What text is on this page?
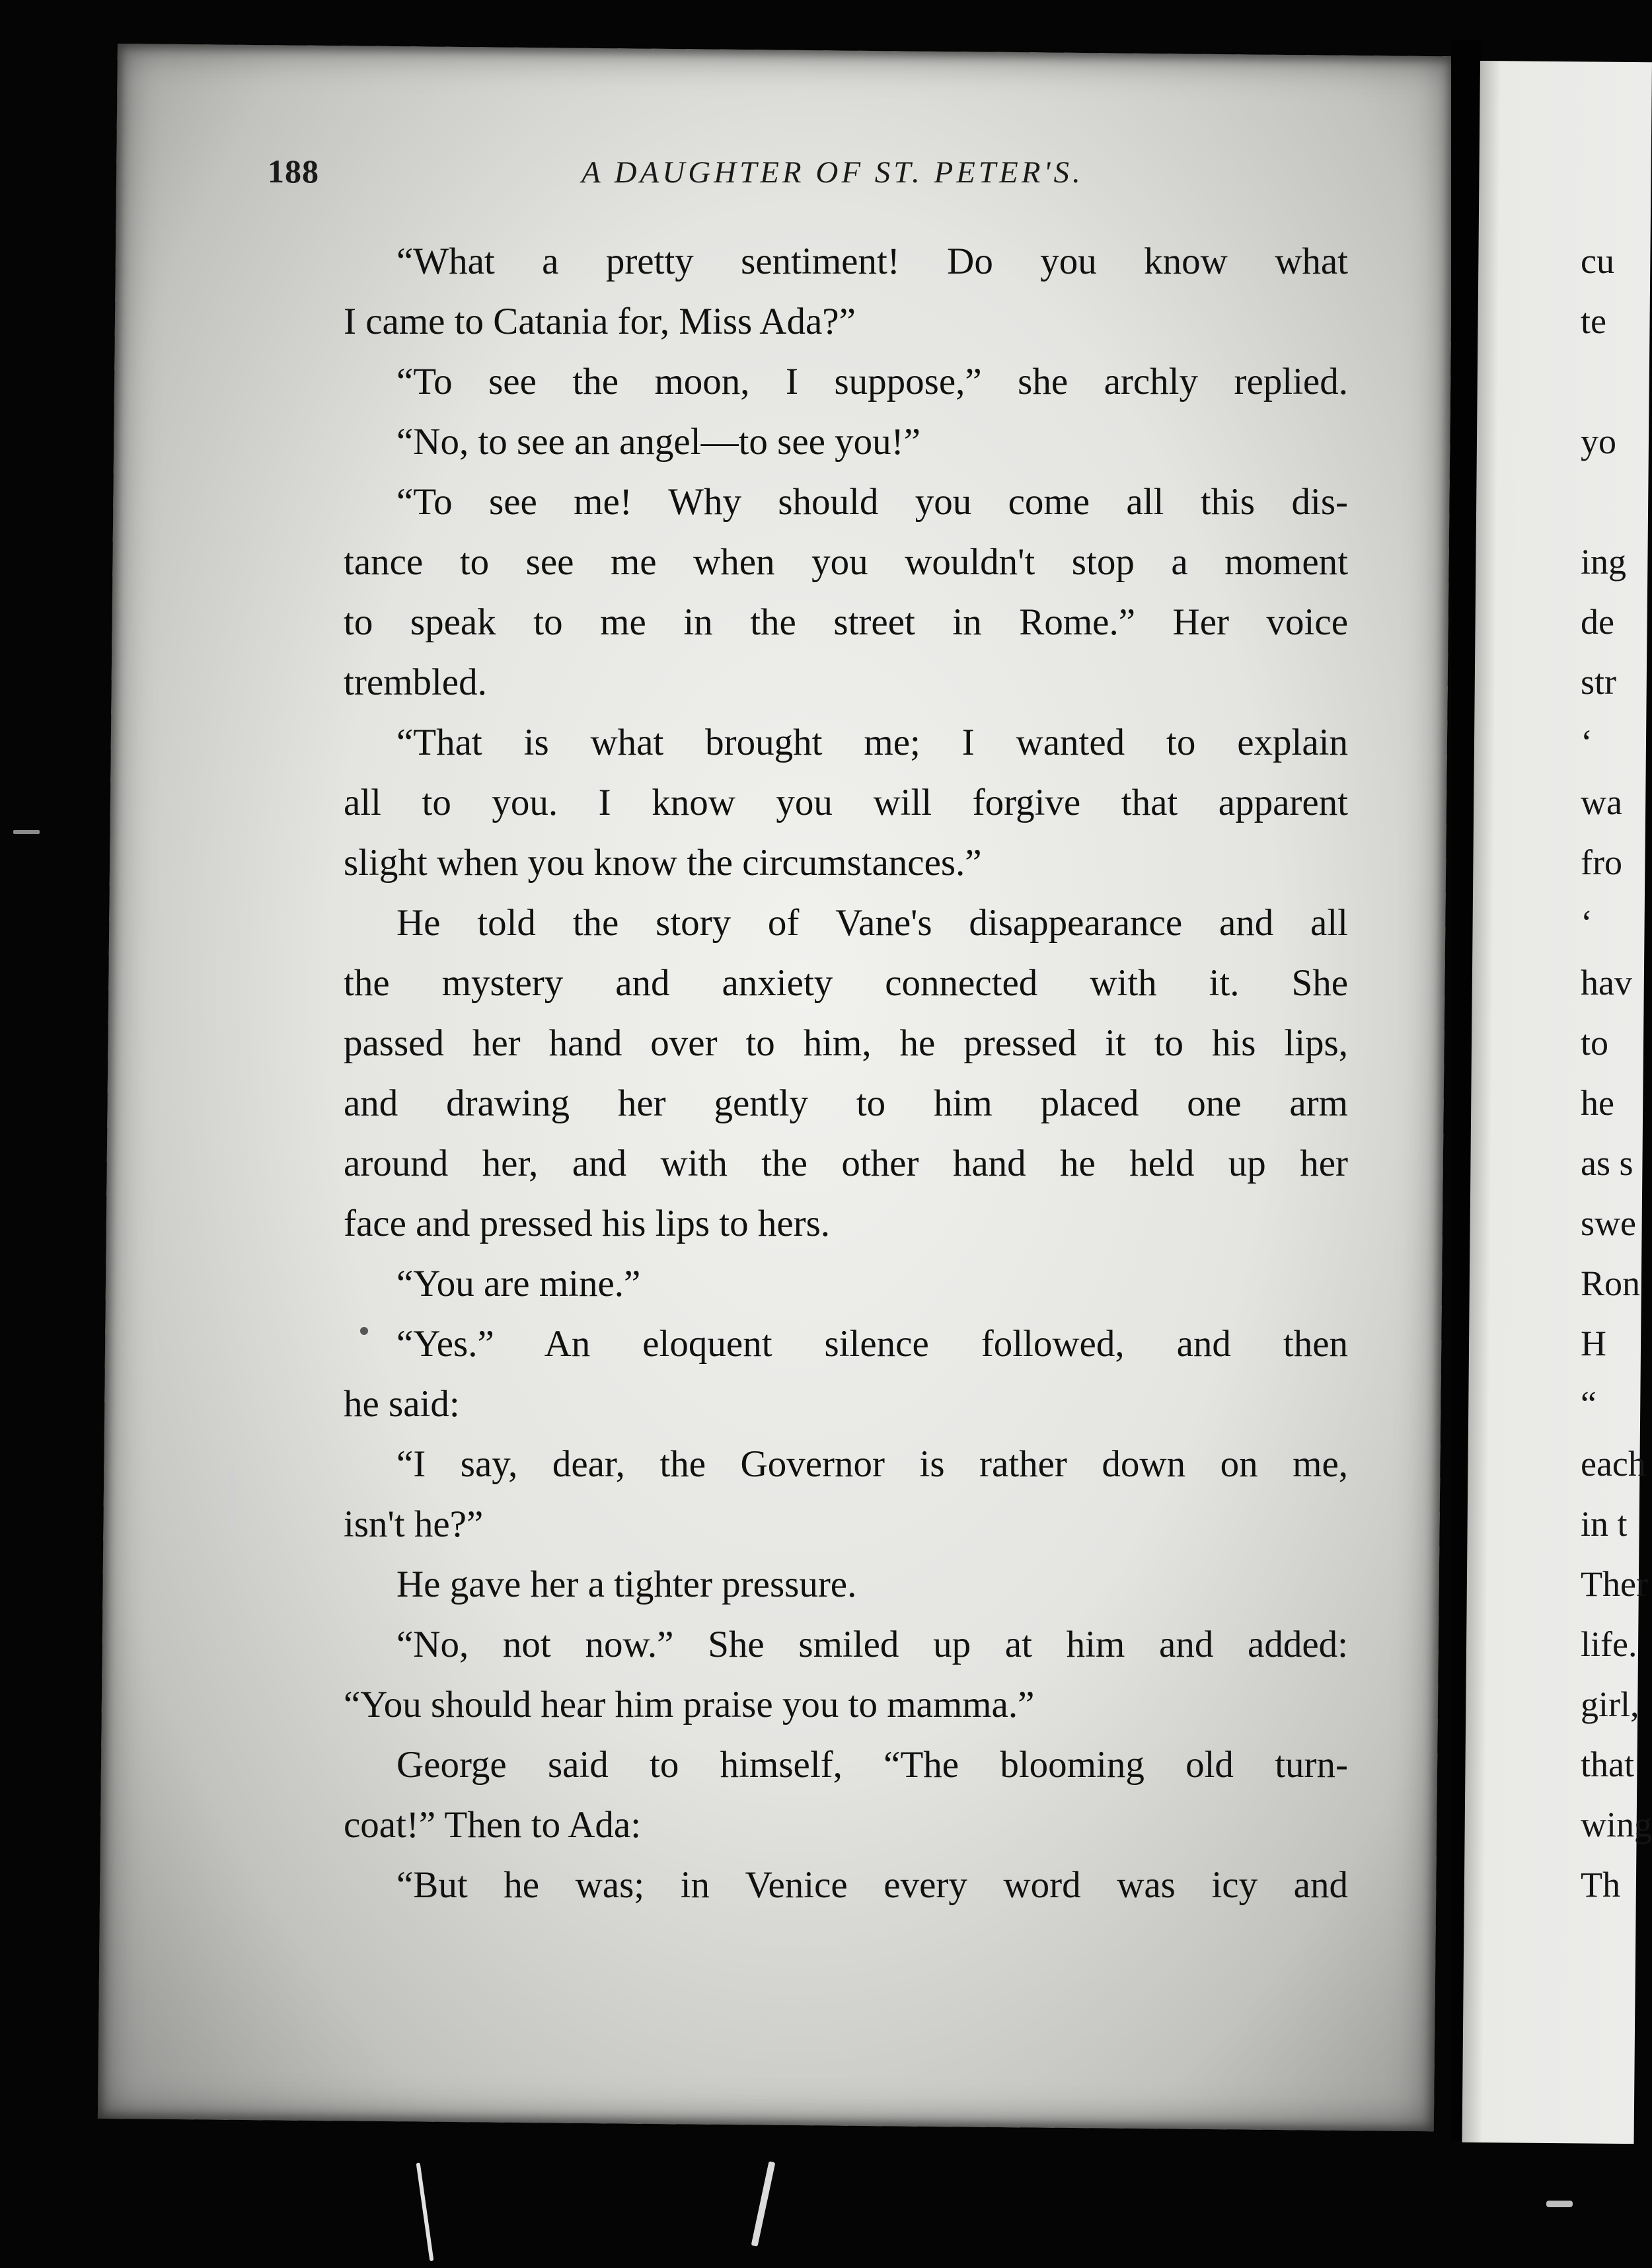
188	A DAUGHTER OF ST. PETER'S.
“What a pretty sentiment! Do you know what
I came to Catania for, Miss Ada?”
“To see the moon, I suppose,” she archly replied.
“No, to see an angel—to see you!”
“To see me! Why should you come all this dis-
tance to see me when you wouldn't stop a moment
to speak to me in the street in Rome.” Her voice
trembled.
“That is what brought me; I wanted to explain
all to you. I know you will forgive that apparent
slight when you know the circumstances.”
He told the story of Vane's disappearance and all
the mystery and anxiety connected with it. She
passed her hand over to him, he pressed it to his lips,
and drawing her gently to him placed one arm
around her, and with the other hand he held up her
face and pressed his lips to hers.
“You are mine.”
“Yes.” An eloquent silence followed, and then
he said:
“I say, dear, the Governor is rather down on me,
isn't he?”
He gave her a tighter pressure.
“No, not now.” She smiled up at him and added:
“You should hear him praise you to mamma.”
George said to himself, “The blooming old turn-
coat!” Then to Ada:
“But he was; in Venice every word was icy and
cu
te
yo
ing
de
str
‘
wa
fro
‘
hav
to
he
as s
swe
Ron
H
“
each
in t
Ther
life.
girl,
that
wing
Th
